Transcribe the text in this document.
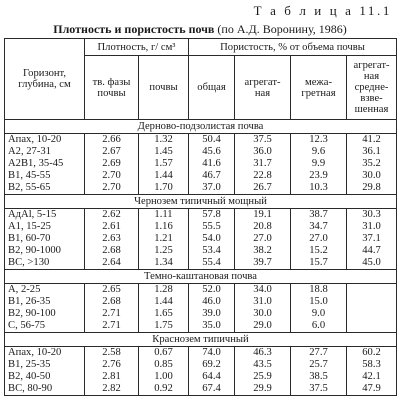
Т а б л и ц а 11.1
Плотность и пористость почв (по А.Д. Воронину, 1986)
Горизонт, глубина, см	Плотность, г/ см³		Пористость, % от объема почвы			
	тв. фазы почвы	почвы	общая	агрегат-ная	межа-гретная	агрегат-ная средне-взве-шенная
Дерново-подзолистая почва						
Апах, 10-20	2.66	1.32	50.4	37.5	12.3	41.2
A2, 27-31	2.67	1.45	45.6	36.0	9.6	36.1
A2B1, 35-45	2.69	1.57	41.6	31.7	9.9	35.2
B1, 45-55	2.70	1.44	46.7	22.8	23.9	30.0
B2, 55-65	2.70	1.70	37.0	26.7	10.3	29.8
Чернозем типичный мощный						
АдАl, 5-15	2.62	1.11	57.8	19.1	38.7	30.3
A1, 15-25	2.61	1.16	55.5	20.8	34.7	31.0
B1, 60-70	2.63	1.21	54.0	27.0	27.0	37.1
B2, 90-1000	2.68	1.25	53.4	38.2	15.2	44.7
BC, >130	2.64	1.34	55.4	39.7	15.7	45.0
Темно-каштановая почва						
A, 2-25	2.65	1.28	52.0	34.0	18.8	
B1, 26-35	2.68	1.44	46.0	31.0	15.0	
B2, 90-100	2.71	1.65	39.0	30.0	9.0	
C, 56-75	2.71	1.75	35.0	29.0	6.0	
Краснозем типичный						
Апах, 10-20	2.58	0.67	74.0	46.3	27.7	60.2
B1, 25-35	2.76	0.85	69.2	43.5	25.7	58.3
B2, 40-50	2.81	1.00	64.4	25.9	38.5	42.1
BC, 80-90	2.82	0.92	67.4	29.9	37.5	47.9
